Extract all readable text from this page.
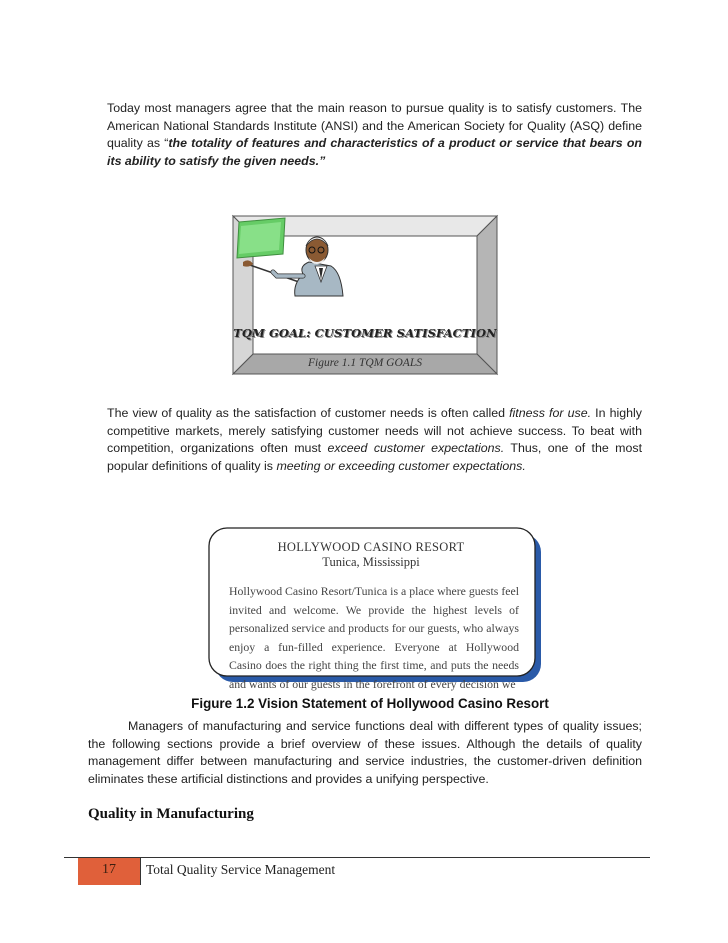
Today most managers agree that the main reason to pursue quality is to satisfy customers. The American National Standards Institute (ANSI) and the American Society for Quality (ASQ) define quality as “the totality of features and characteristics of a product or service that bears on its ability to satisfy the given needs.”

TQM GOAL: CUSTOMER SATISFACTION
Figure 1.1 TQM GOALS

The view of quality as the satisfaction of customer needs is often called fitness for use. In highly competitive markets, merely satisfying customer needs will not achieve success. To beat with competition, organizations often must exceed customer expectations. Thus, one of the most popular definitions of quality is meeting or exceeding customer expectations.

HOLLYWOOD CASINO RESORT
Tunica, Mississippi
Hollywood Casino Resort/Tunica is a place where guests feel invited and welcome. We provide the highest levels of personalized service and products for our guests, who always enjoy a fun-filled experience. Everyone at Hollywood Casino does the right thing the first time, and puts the needs and wants of our guests in the forefront of every decision we
Figure 1.2 Vision Statement of Hollywood Casino Resort

Managers of manufacturing and service functions deal with different types of quality issues; the following sections provide a brief overview of these issues. Although the details of quality management differ between manufacturing and service industries, the customer-driven definition eliminates these artificial distinctions and provides a unifying perspective.

Quality in Manufacturing
17	Total Quality Service Management
